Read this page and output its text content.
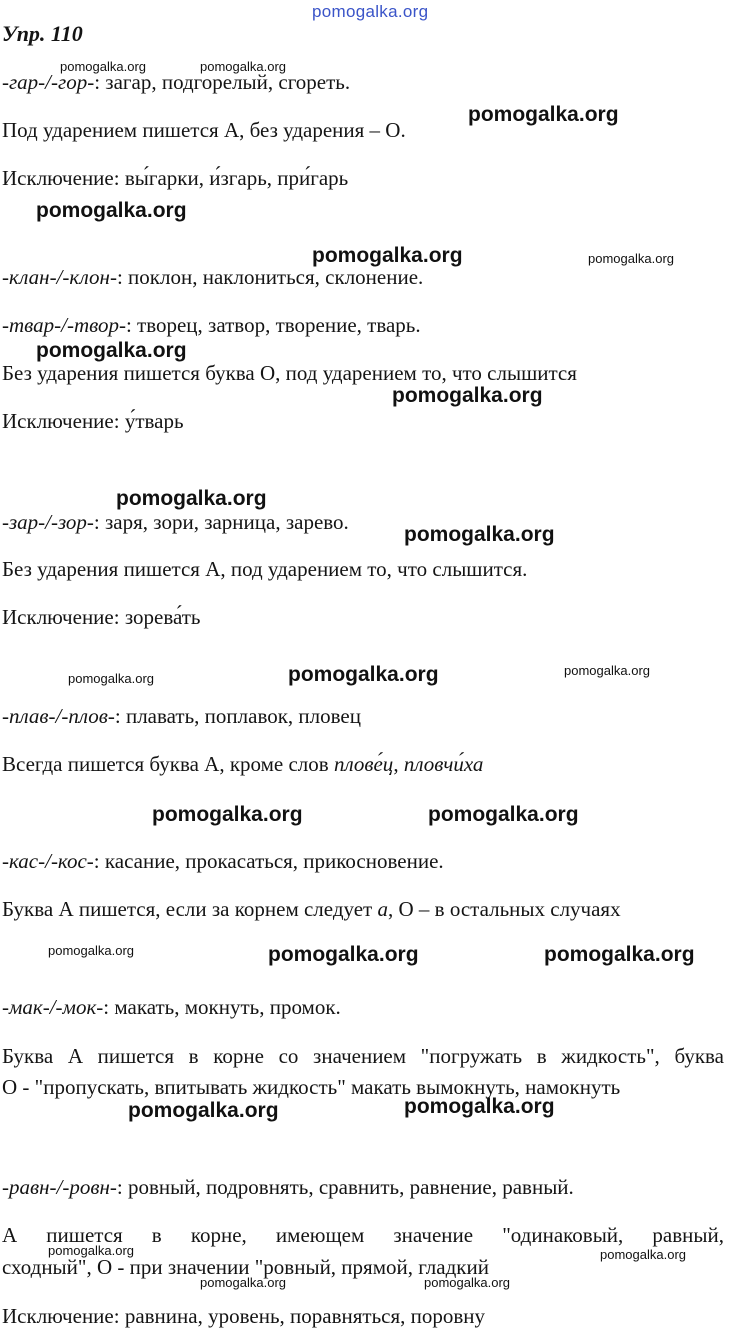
Упр. 110
-гар-/-гор-: загар, подгорелый, сгореть.
Под ударением пишется А, без ударения – О.
Исключение: вы́гарки, и́згарь, при́гарь
-клан-/-клон-: поклон, наклониться, склонение.
-твар-/-твор-: творец, затвор, творение, тварь.
Без ударения пишется буква О, под ударением то, что слышится
Исключение: у́тварь
-зар-/-зор-: заря, зори, зарница, зарево.
Без ударения пишется А, под ударением то, что слышится.
Исключение: зорева́ть
-плав-/-плов-: плавать, поплавок, пловец
Всегда пишется буква А, кроме слов плове́ц, пловчи́ха
-кас-/-кос-: касание, прокасаться, прикосновение.
Буква А пишется, если за корнем следует а, О – в остальных случаях
-мак-/-мок-: макать, мокнуть, промок.
Буква А пишется в корне со значением "погружать в жидкость", буква
О - "пропускать, впитывать жидкость" макать вымокнуть, намокнуть
-равн-/-ровн-: ровный, подровнять, сравнить, равнение, равный.
А пишется в корне, имеющем значение "одинаковый, равный,
сходный", О - при значении "ровный, прямой, гладкий
Исключение: равнина, уровень, поравняться, поровну
pomogalka.org
pomogalka.org	pomogalka.org
pomogalka.org
pomogalka.org
pomogalka.org	pomogalka.org
pomogalka.org
pomogalka.org
pomogalka.org
pomogalka.org
pomogalka.org	pomogalka.org	pomogalka.org
pomogalka.org	pomogalka.org
pomogalka.org	pomogalka.org	pomogalka.org
pomogalka.org	pomogalka.org
pomogalka.org	pomogalka.org
pomogalka.org	pomogalka.org
